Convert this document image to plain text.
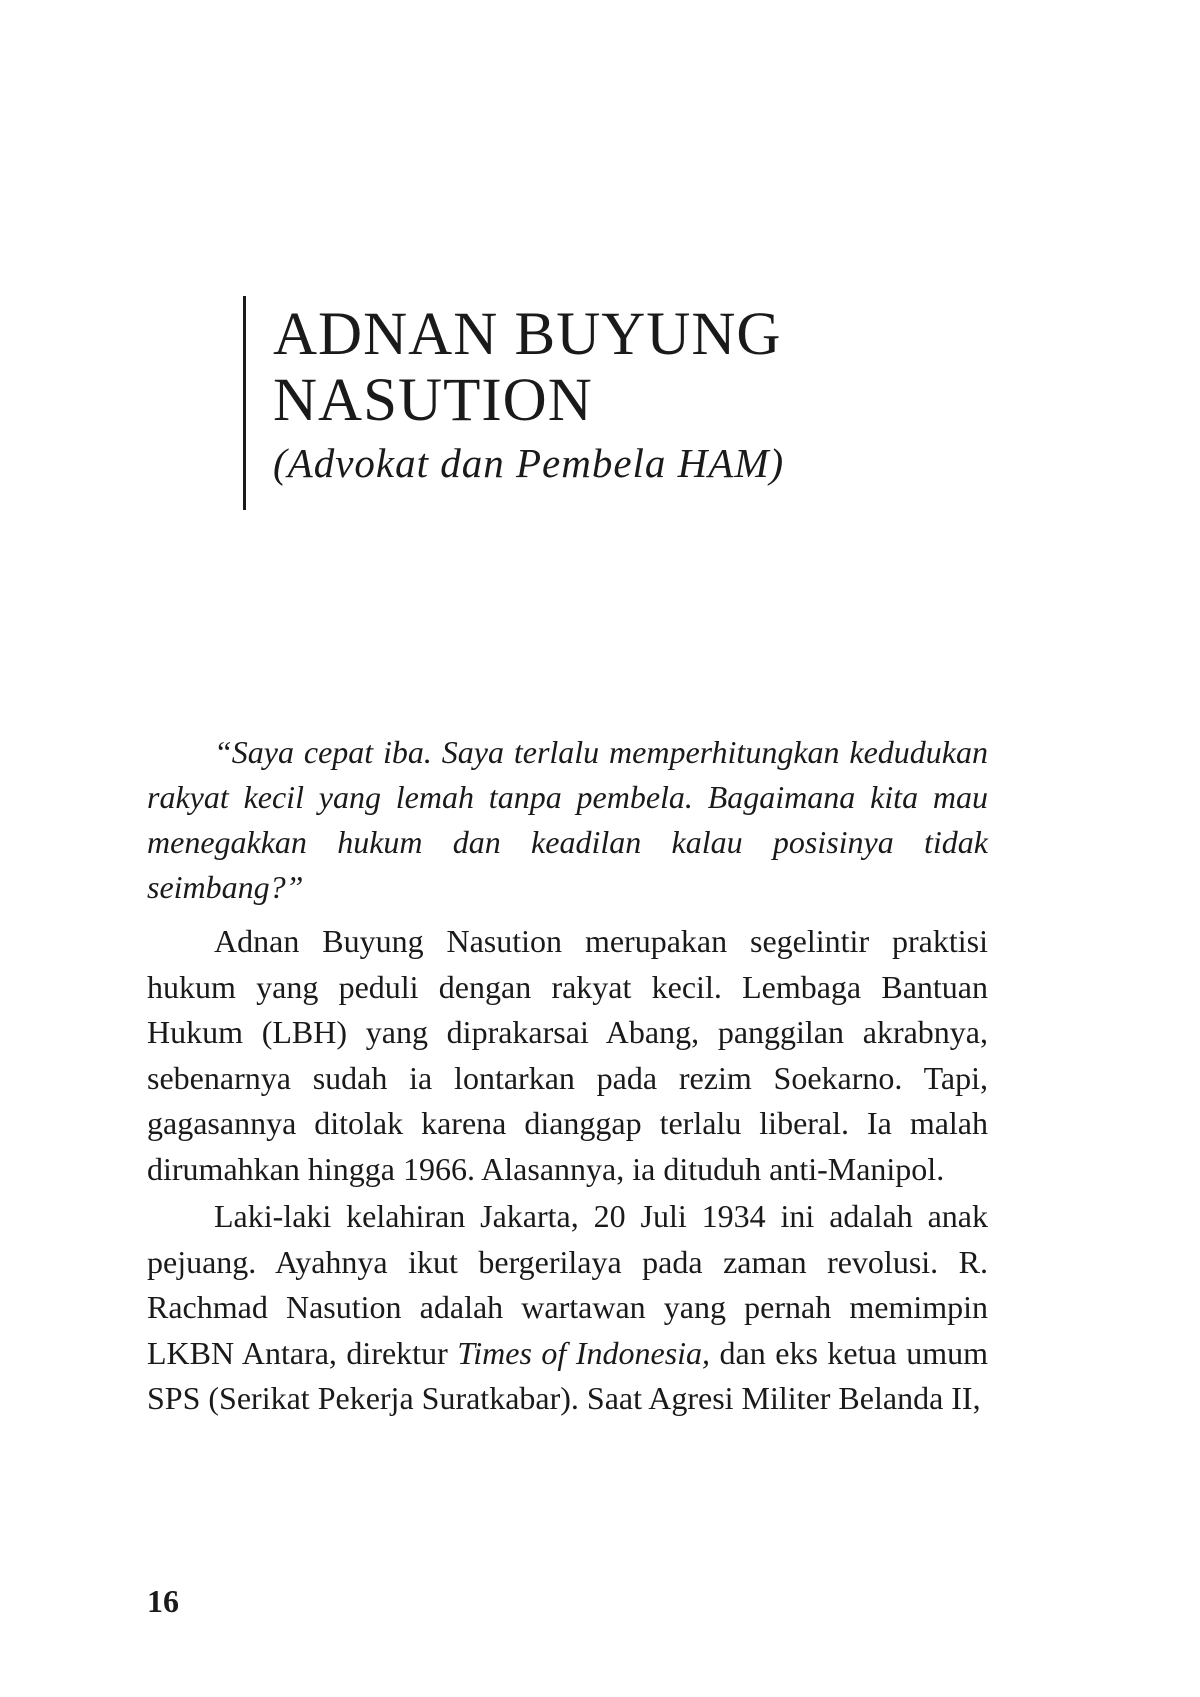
ADNAN BUYUNG
NASUTION
(Advokat dan Pembela HAM)

“Saya cepat iba. Saya terlalu memperhitungkan kedudukan rakyat kecil yang lemah tanpa pembela. Bagaimana kita mau menegakkan hukum dan keadilan kalau posisinya tidak seimbang?”

Adnan Buyung Nasution merupakan segelintir praktisi hukum yang peduli dengan rakyat kecil. Lembaga Bantuan Hukum (LBH) yang diprakarsai Abang, panggilan akrabnya, sebenarnya sudah ia lontarkan pada rezim Soekarno. Tapi, gagasannya ditolak karena dianggap terlalu liberal. Ia malah dirumahkan hingga 1966. Alasannya, ia dituduh anti-Manipol.

Laki-laki kelahiran Jakarta, 20 Juli 1934 ini adalah anak pejuang. Ayahnya ikut bergerilaya pada zaman revolusi. R. Rachmad Nasution adalah wartawan yang pernah memimpin LKBN Antara, direktur Times of Indonesia, dan eks ketua umum SPS (Serikat Pekerja Suratkabar). Saat Agresi Militer Belanda II,

16
